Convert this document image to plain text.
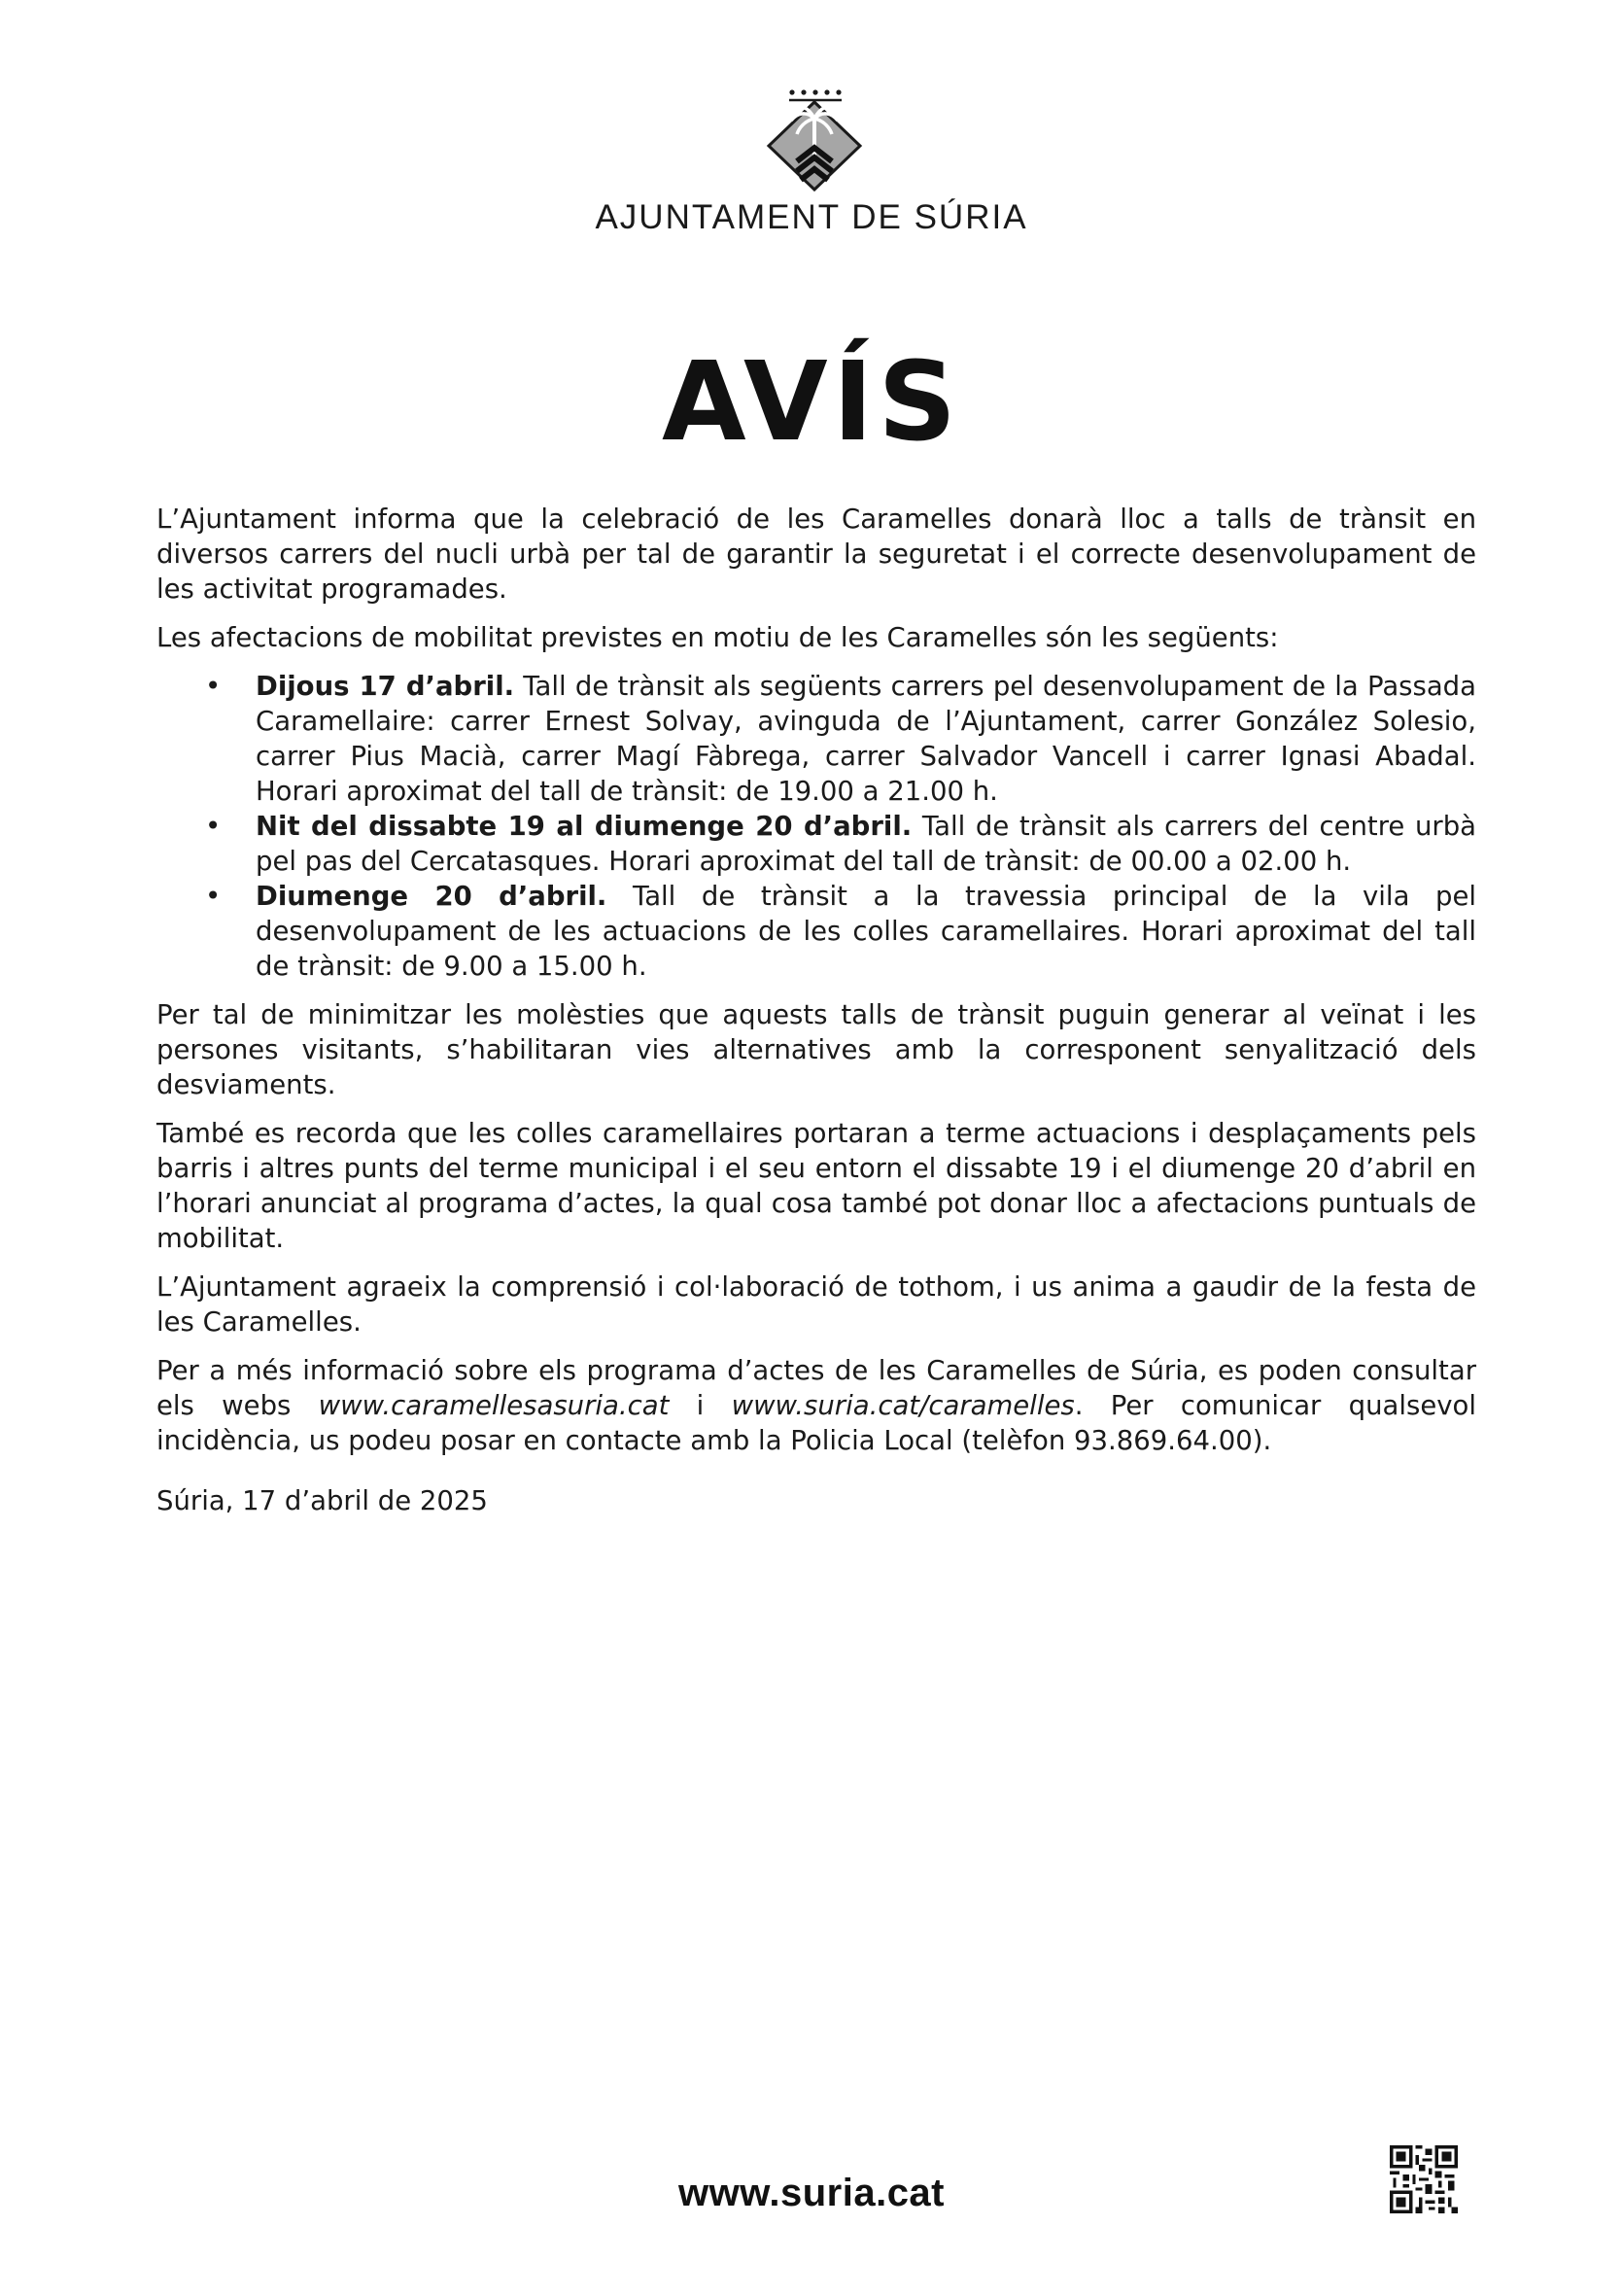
AJUNTAMENT DE SÚRIA
AVÍS

L’Ajuntament informa que la celebració de les Caramelles donarà lloc a talls de trànsit en diversos carrers del nucli urbà per tal de garantir la seguretat i el correcte desenvolupament de les activitat programades.

Les afectacions de mobilitat previstes en motiu de les Caramelles són les següents:

• Dijous 17 d’abril. Tall de trànsit als següents carrers pel desenvolupament de la Passada Caramellaire: carrer Ernest Solvay, avinguda de l’Ajuntament, carrer González Solesio, carrer Pius Macià, carrer Magí Fàbrega, carrer Salvador Vancell i carrer Ignasi Abadal. Horari aproximat del tall de trànsit: de 19.00 a 21.00 h.
• Nit del dissabte 19 al diumenge 20 d’abril. Tall de trànsit als carrers del centre urbà pel pas del Cercatasques. Horari aproximat del tall de trànsit: de 00.00 a 02.00 h.
• Diumenge 20 d’abril. Tall de trànsit a la travessia principal de la vila pel desenvolupament de les actuacions de les colles caramellaires. Horari aproximat del tall de trànsit: de 9.00 a 15.00 h.

Per tal de minimitzar les molèsties que aquests talls de trànsit puguin generar al veïnat i les persones visitants, s’habilitaran vies alternatives amb la corresponent senyalització dels desviaments.

També es recorda que les colles caramellaires portaran a terme actuacions i desplaçaments pels barris i altres punts del terme municipal i el seu entorn el dissabte 19 i el diumenge 20 d’abril en l’horari anunciat al programa d’actes, la qual cosa també pot donar lloc a afectacions puntuals de mobilitat.

L’Ajuntament agraeix la comprensió i col·laboració de tothom, i us anima a gaudir de la festa de les Caramelles.

Per a més informació sobre els programa d’actes de les Caramelles de Súria, es poden consultar els webs www.caramellesasuria.cat i www.suria.cat/caramelles. Per comunicar qualsevol incidència, us podeu posar en contacte amb la Policia Local (telèfon 93.869.64.00).

Súria, 17 d’abril de 2025

www.suria.cat
